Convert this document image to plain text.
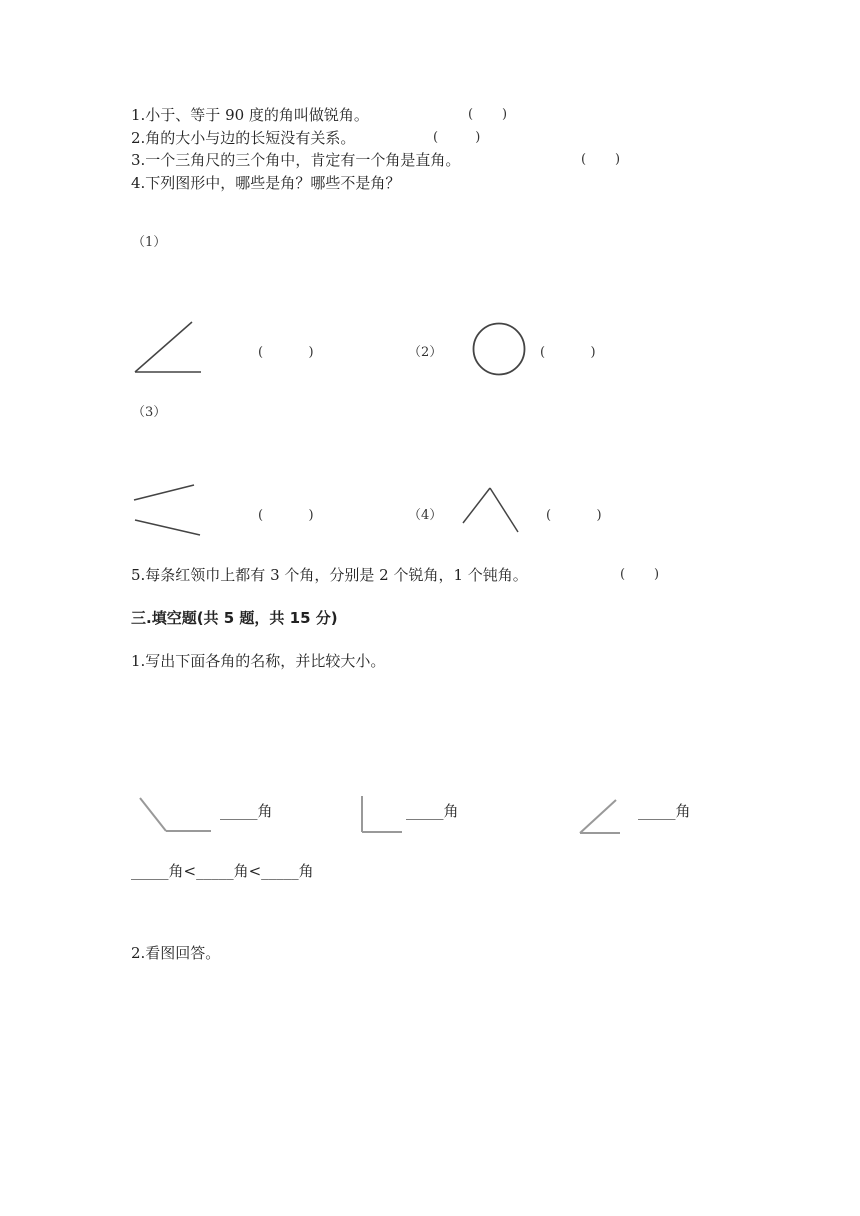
1.小于、等于 90 度的角叫做锐角。	(       )
2.角的大小与边的长短没有关系。	(         )
3.一个三角尺的三个角中，肯定有一个角是直角。	(       )
4.下列图形中，哪些是角？哪些不是角？
（1）
(           )	（2）	(           )
（3）
(           )	（4）	(           )
5.每条红领巾上都有 3 个角，分别是 2 个锐角，1 个钝角。	(       )
三.填空题(共 5 题，共 15 分)
1.写出下面各角的名称，并比较大小。
_____角	_____角	_____角
_____角<_____角<_____角
2.看图回答。
